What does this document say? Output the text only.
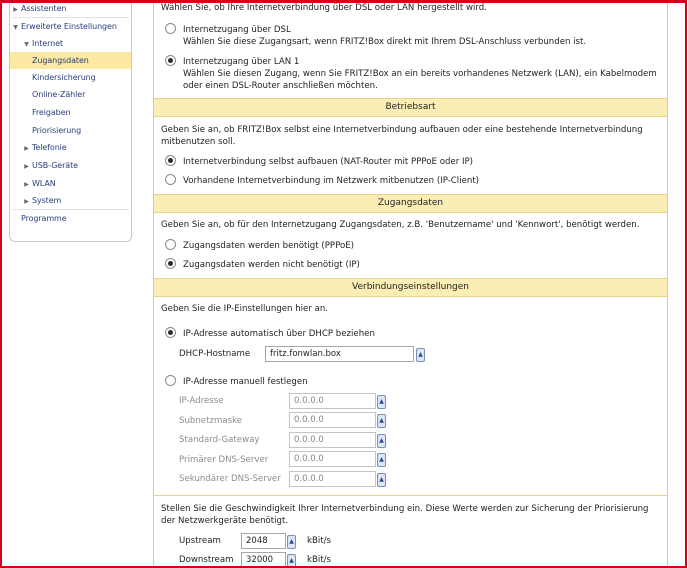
▶ Assistenten
▼ Erweiterte Einstellungen
▼ Internet
Zugangsdaten
Kindersicherung
Online-Zähler
Freigaben
Priorisierung
▶ Telefonie
▶ USB-Geräte
▶ WLAN
▶ System
Programme
Wählen Sie, ob Ihre Internetverbindung über DSL oder LAN hergestellt wird.
Internetzugang über DSL
Wählen Sie diese Zugangsart, wenn FRITZ!Box direkt mit Ihrem DSL-Anschluss verbunden ist.
Internetzugang über LAN 1
Wählen Sie diesen Zugang, wenn Sie FRITZ!Box an ein bereits vorhandenes Netzwerk (LAN), ein Kabelmodem oder einen DSL-Router anschließen möchten.
Betriebsart
Geben Sie an, ob FRITZ!Box selbst eine Internetverbindung aufbauen oder eine bestehende Internetverbindung mitbenutzen soll.
Internetverbindung selbst aufbauen (NAT-Router mit PPPoE oder IP)
Vorhandene Internetverbindung im Netzwerk mitbenutzen (IP-Client)
Zugangsdaten
Geben Sie an, ob für den Internetzugang Zugangsdaten, z.B. 'Benutzername' und 'Kennwort', benötigt werden.
Zugangsdaten werden benötigt (PPPoE)
Zugangsdaten werden nicht benötigt (IP)
Verbindungseinstellungen
Geben Sie die IP-Einstellungen hier an.
IP-Adresse automatisch über DHCP beziehen
DHCP-Hostname
fritz.fonwlan.box	▲
IP-Adresse manuell festlegen
IP-Adresse
0.0.0.0	▲
Subnetzmaske
0.0.0.0	▲
Standard-Gateway
0.0.0.0	▲
Primärer DNS-Server
0.0.0.0	▲
Sekundärer DNS-Server
0.0.0.0	▲
Stellen Sie die Geschwindigkeit Ihrer Internetverbindung ein. Diese Werte werden zur Sicherung der Priorisierung der Netzwerkgeräte benötigt.
Upstream
2048	▲ kBit/s
Downstream
32000	▲ kBit/s
